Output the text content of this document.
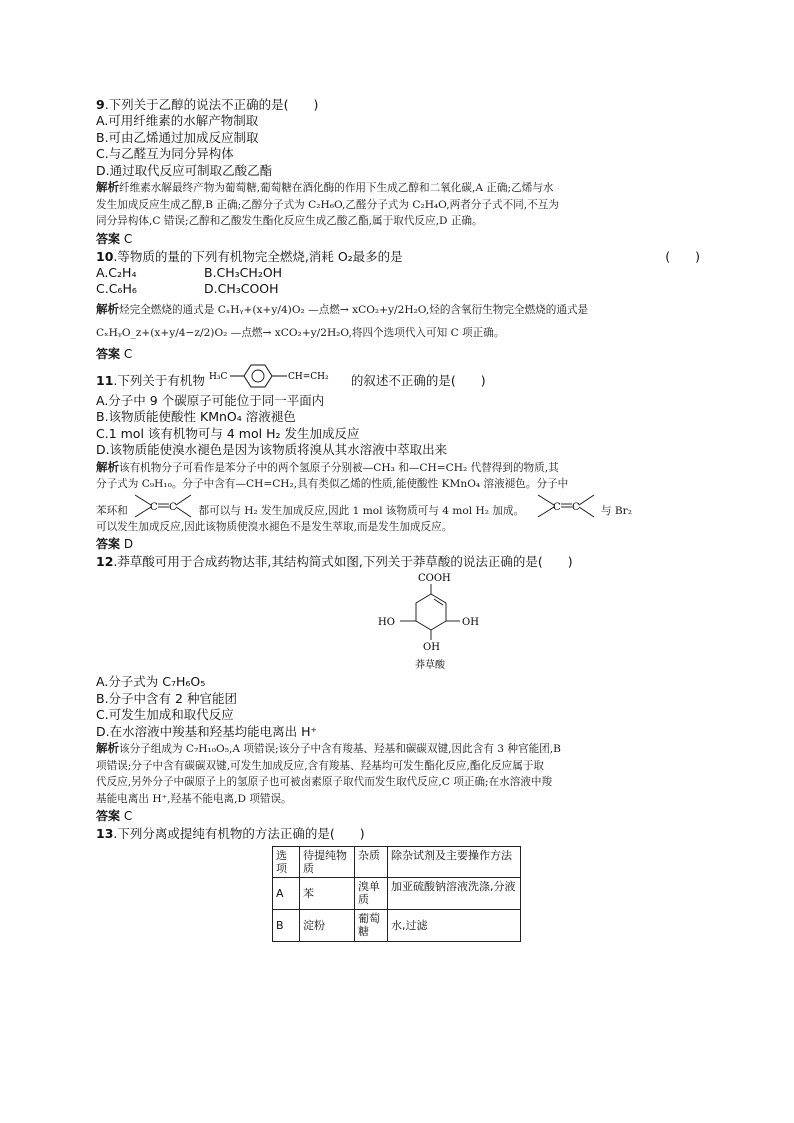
9.下列关于乙醇的说法不正确的是(　　)
A.可用纤维素的水解产物制取
B.可由乙烯通过加成反应制取
C.与乙醛互为同分异构体
D.通过取代反应可制取乙酸乙酯
解析纤维素水解最终产物为葡萄糖,葡萄糖在酒化酶的作用下生成乙醇和二氧化碳,A 正确;乙烯与水
发生加成反应生成乙醇,B 正确;乙醇分子式为 C₂H₆O,乙醛分子式为 C₂H₄O,两者分子式不同,不互为
同分异构体,C 错误;乙醇和乙酸发生酯化反应生成乙酸乙酯,属于取代反应,D 正确。
答案 C
10.等物质的量的下列有机物完全燃烧,消耗 O₂最多的是	(　　)
A.C₂H₄	B.CH₃CH₂OH
C.C₆H₆	D.CH₃COOH
解析烃完全燃烧的通式是 CₓHᵧ+(x+y/4)O₂ —点燃→ xCO₂+y/2H₂O,烃的含氧衍生物完全燃烧的通式是
CₓHᵧO_z+(x+y/4−z/2)O₂ —点燃→ xCO₂+y/2H₂O,将四个选项代入可知 C 项正确。
答案 C
11.下列关于有机物 H₃C	CH=CH₂ 的叙述不正确的是(　　)
A.分子中 9 个碳原子可能位于同一平面内
B.该物质能使酸性 KMnO₄ 溶液褪色
C.1 mol 该有机物可与 4 mol H₂ 发生加成反应
D.该物质能使溴水褪色是因为该物质将溴从其水溶液中萃取出来
解析该有机物分子可看作是苯分子中的两个氢原子分别被—CH₃ 和—CH=CH₂ 代替得到的物质,其
分子式为 C₉H₁₀。分子中含有—CH=CH₂,具有类似乙烯的性质,能使酸性 KMnO₄ 溶液褪色。分子中
苯环和 C C 都可以与 H₂ 发生加成反应,因此 1 mol 该物质可与 4 mol H₂ 加成。	C C 与 Br₂
可以发生加成反应,因此该物质使溴水褪色不是发生萃取,而是发生加成反应。
答案 D
12.莽草酸可用于合成药物达菲,其结构简式如图,下列关于莽草酸的说法正确的是(　　)
COOH
HO	OH
OH
莽草酸
A.分子式为 C₇H₆O₅
B.分子中含有 2 种官能团
C.可发生加成和取代反应
D.在水溶液中羧基和羟基均能电离出 H⁺
解析该分子组成为 C₇H₁₀O₅,A 项错误;该分子中含有羧基、羟基和碳碳双键,因此含有 3 种官能团,B
项错误;分子中含有碳碳双键,可发生加成反应,含有羧基、羟基均可发生酯化反应,酯化反应属于取
代反应,另外分子中碳原子上的氢原子也可被卤素原子取代而发生取代反应,C 项正确;在水溶液中羧
基能电离出 H⁺,羟基不能电离,D 项错误。
答案 C
13.下列分离或提纯有机物的方法正确的是(　　)
选项	待提纯物质	杂质	除杂试剂及主要操作方法
A	苯	溴单质	加亚硫酸钠溶液洗涤,分液
B	淀粉	葡萄糖	水,过滤
